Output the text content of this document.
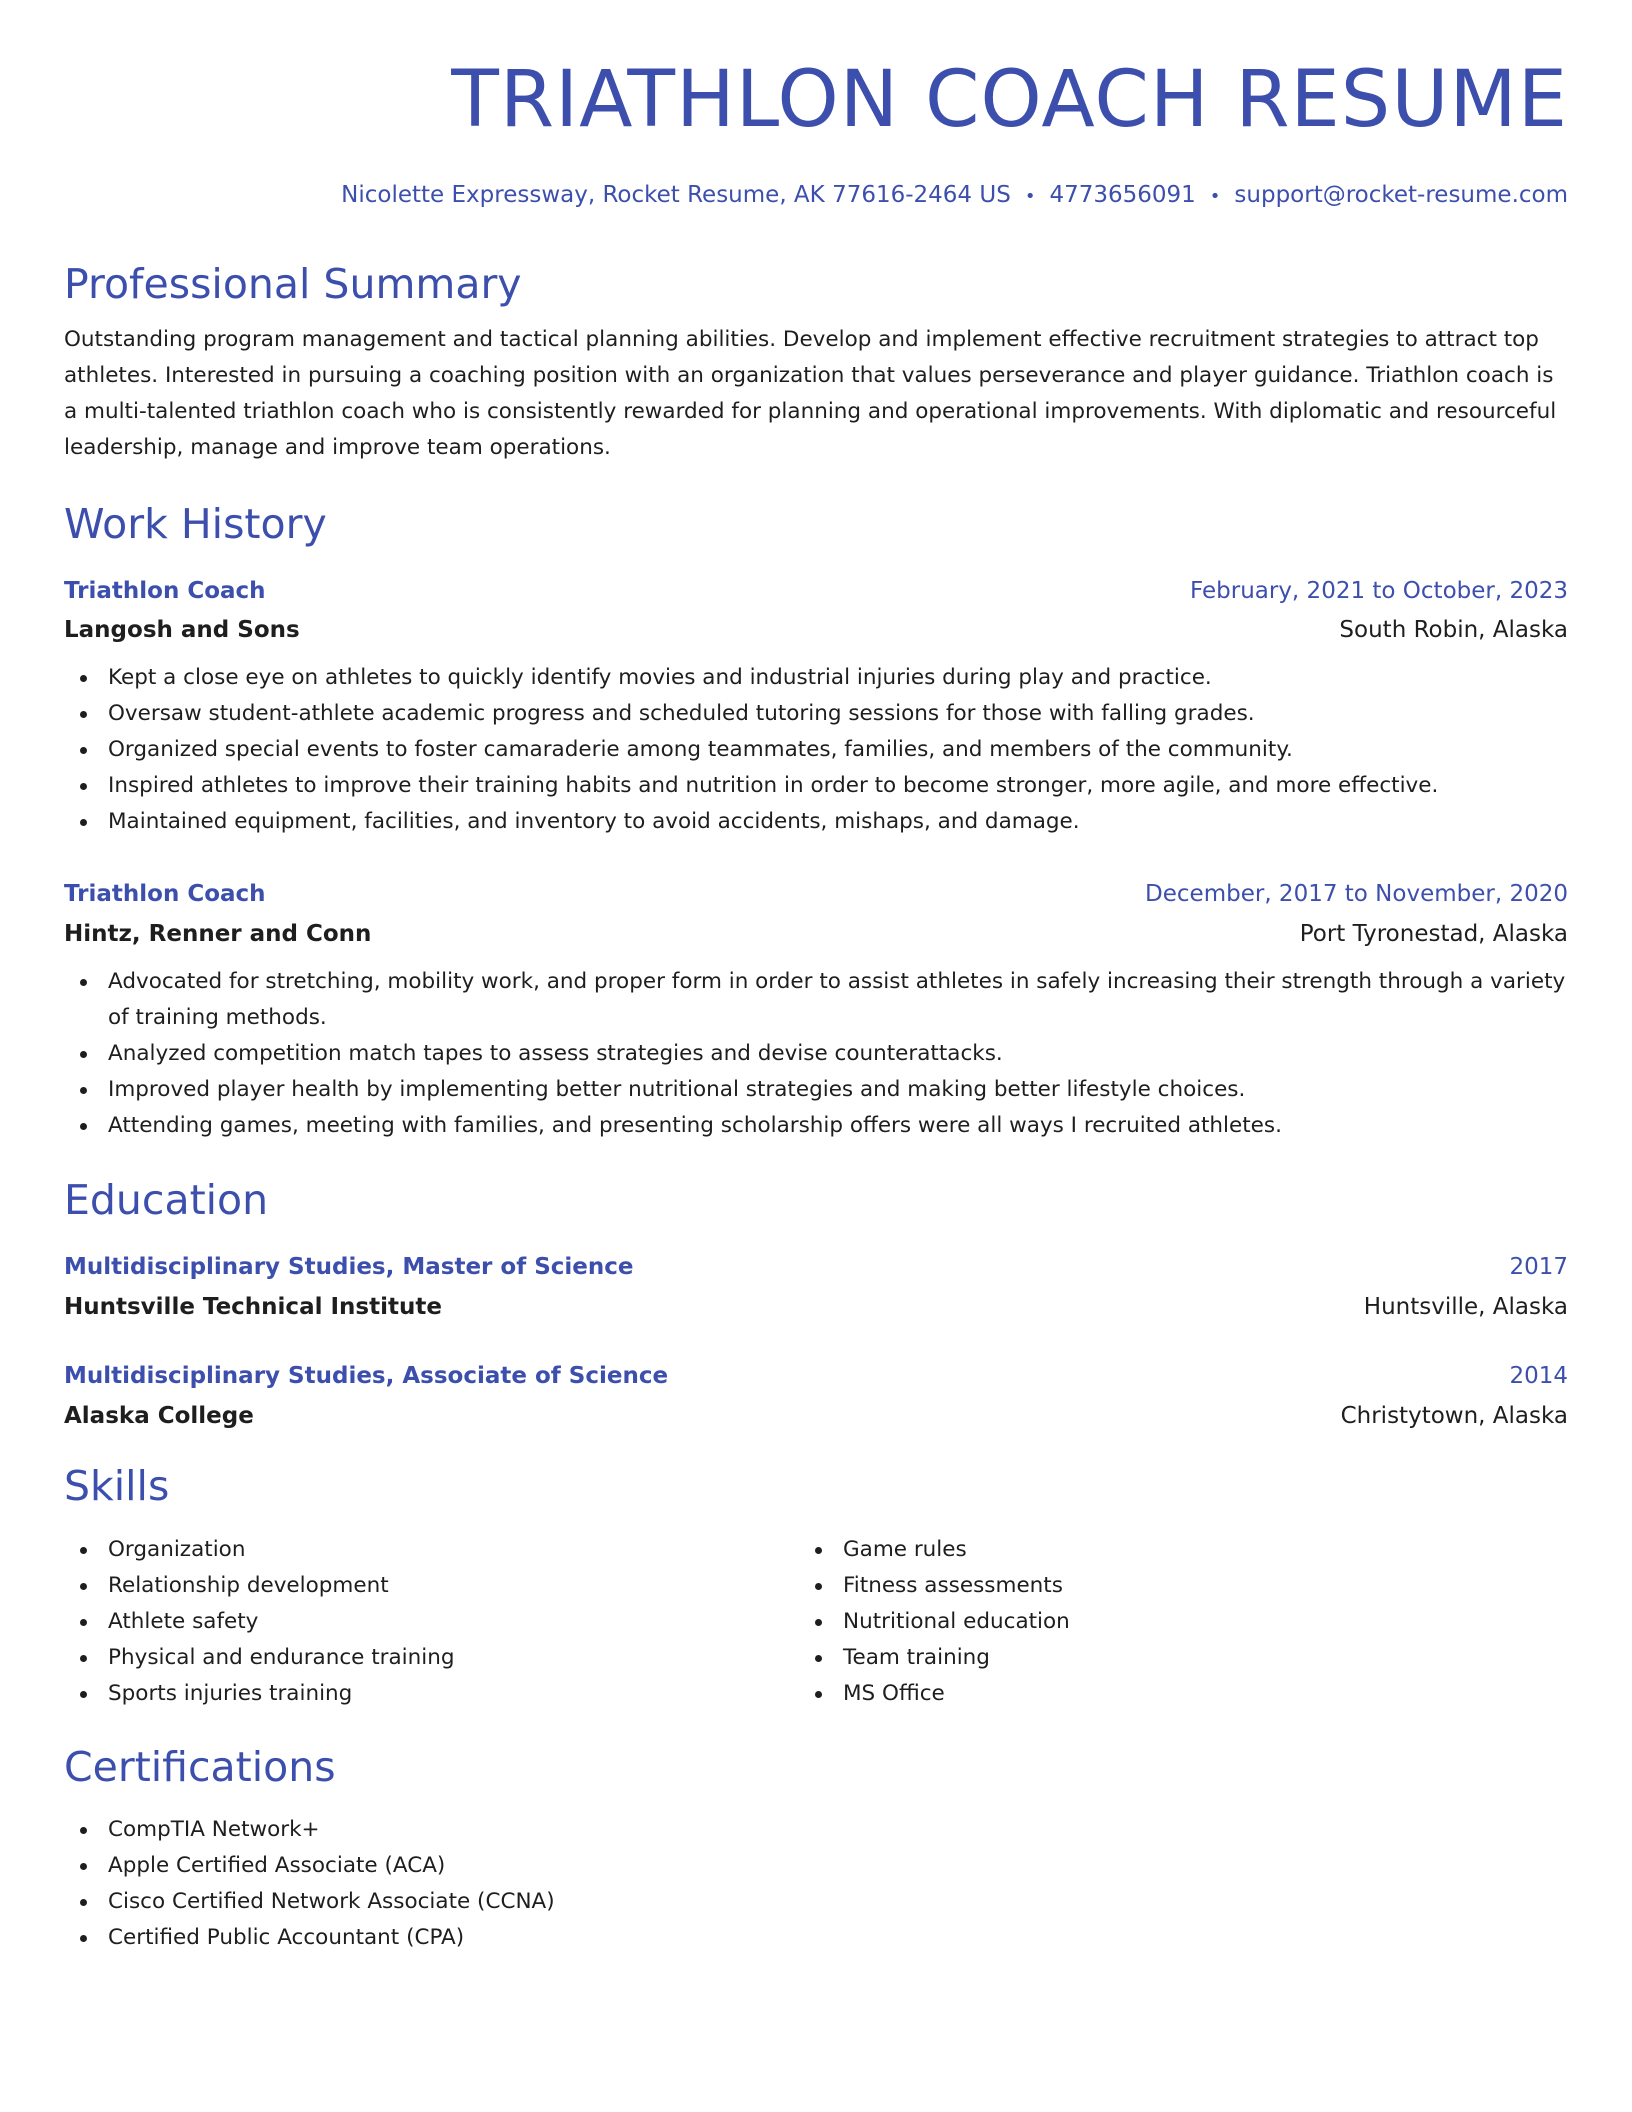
TRIATHLON COACH RESUME
Nicolette Expressway, Rocket Resume, AK 77616-2464 US • 4773656091 • support@rocket-resume.com
Professional Summary
Outstanding program management and tactical planning abilities. Develop and implement effective recruitment strategies to attract top athletes. Interested in pursuing a coaching position with an organization that values perseverance and player guidance. Triathlon coach is a multi-talented triathlon coach who is consistently rewarded for planning and operational improvements. With diplomatic and resourceful leadership, manage and improve team operations.
Work History
Triathlon Coach	February, 2021 to October, 2023
Langosh and Sons	South Robin, Alaska
Kept a close eye on athletes to quickly identify movies and industrial injuries during play and practice.
Oversaw student-athlete academic progress and scheduled tutoring sessions for those with falling grades.
Organized special events to foster camaraderie among teammates, families, and members of the community.
Inspired athletes to improve their training habits and nutrition in order to become stronger, more agile, and more effective.
Maintained equipment, facilities, and inventory to avoid accidents, mishaps, and damage.
Triathlon Coach	December, 2017 to November, 2020
Hintz, Renner and Conn	Port Tyronestad, Alaska
Advocated for stretching, mobility work, and proper form in order to assist athletes in safely increasing their strength through a variety of training methods.
Analyzed competition match tapes to assess strategies and devise counterattacks.
Improved player health by implementing better nutritional strategies and making better lifestyle choices.
Attending games, meeting with families, and presenting scholarship offers were all ways I recruited athletes.
Education
Multidisciplinary Studies, Master of Science	2017
Huntsville Technical Institute	Huntsville, Alaska
Multidisciplinary Studies, Associate of Science	2014
Alaska College	Christytown, Alaska
Skills
Organization
Relationship development
Athlete safety
Physical and endurance training
Sports injuries training
Game rules
Fitness assessments
Nutritional education
Team training
MS Office
Certifications
CompTIA Network+
Apple Certified Associate (ACA)
Cisco Certified Network Associate (CCNA)
Certified Public Accountant (CPA)
